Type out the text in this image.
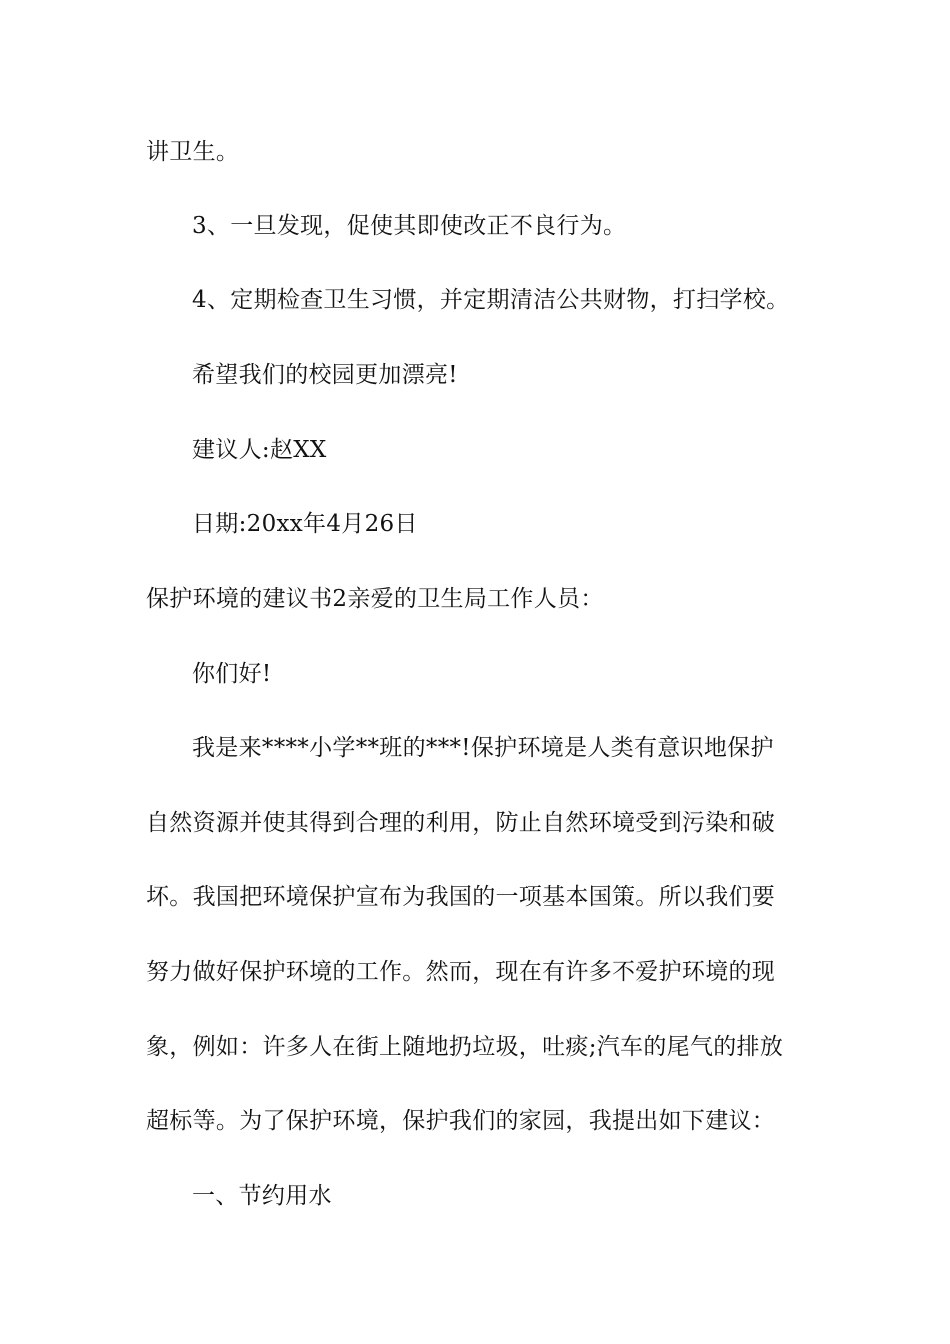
讲卫生。
3、一旦发现，促使其即使改正不良行为。
4、定期检查卫生习惯，并定期清洁公共财物，打扫学校。
希望我们的校园更加漂亮!
建议人:赵XX
日期:20xx年4月26日
保护环境的建议书2亲爱的卫生局工作人员：
你们好!
我是来****小学**班的***!保护环境是人类有意识地保护
自然资源并使其得到合理的利用，防止自然环境受到污染和破
坏。我国把环境保护宣布为我国的一项基本国策。所以我们要
努力做好保护环境的工作。然而，现在有许多不爱护环境的现
象，例如：许多人在街上随地扔垃圾，吐痰;汽车的尾气的排放
超标等。为了保护环境，保护我们的家园，我提出如下建议：
一、节约用水
